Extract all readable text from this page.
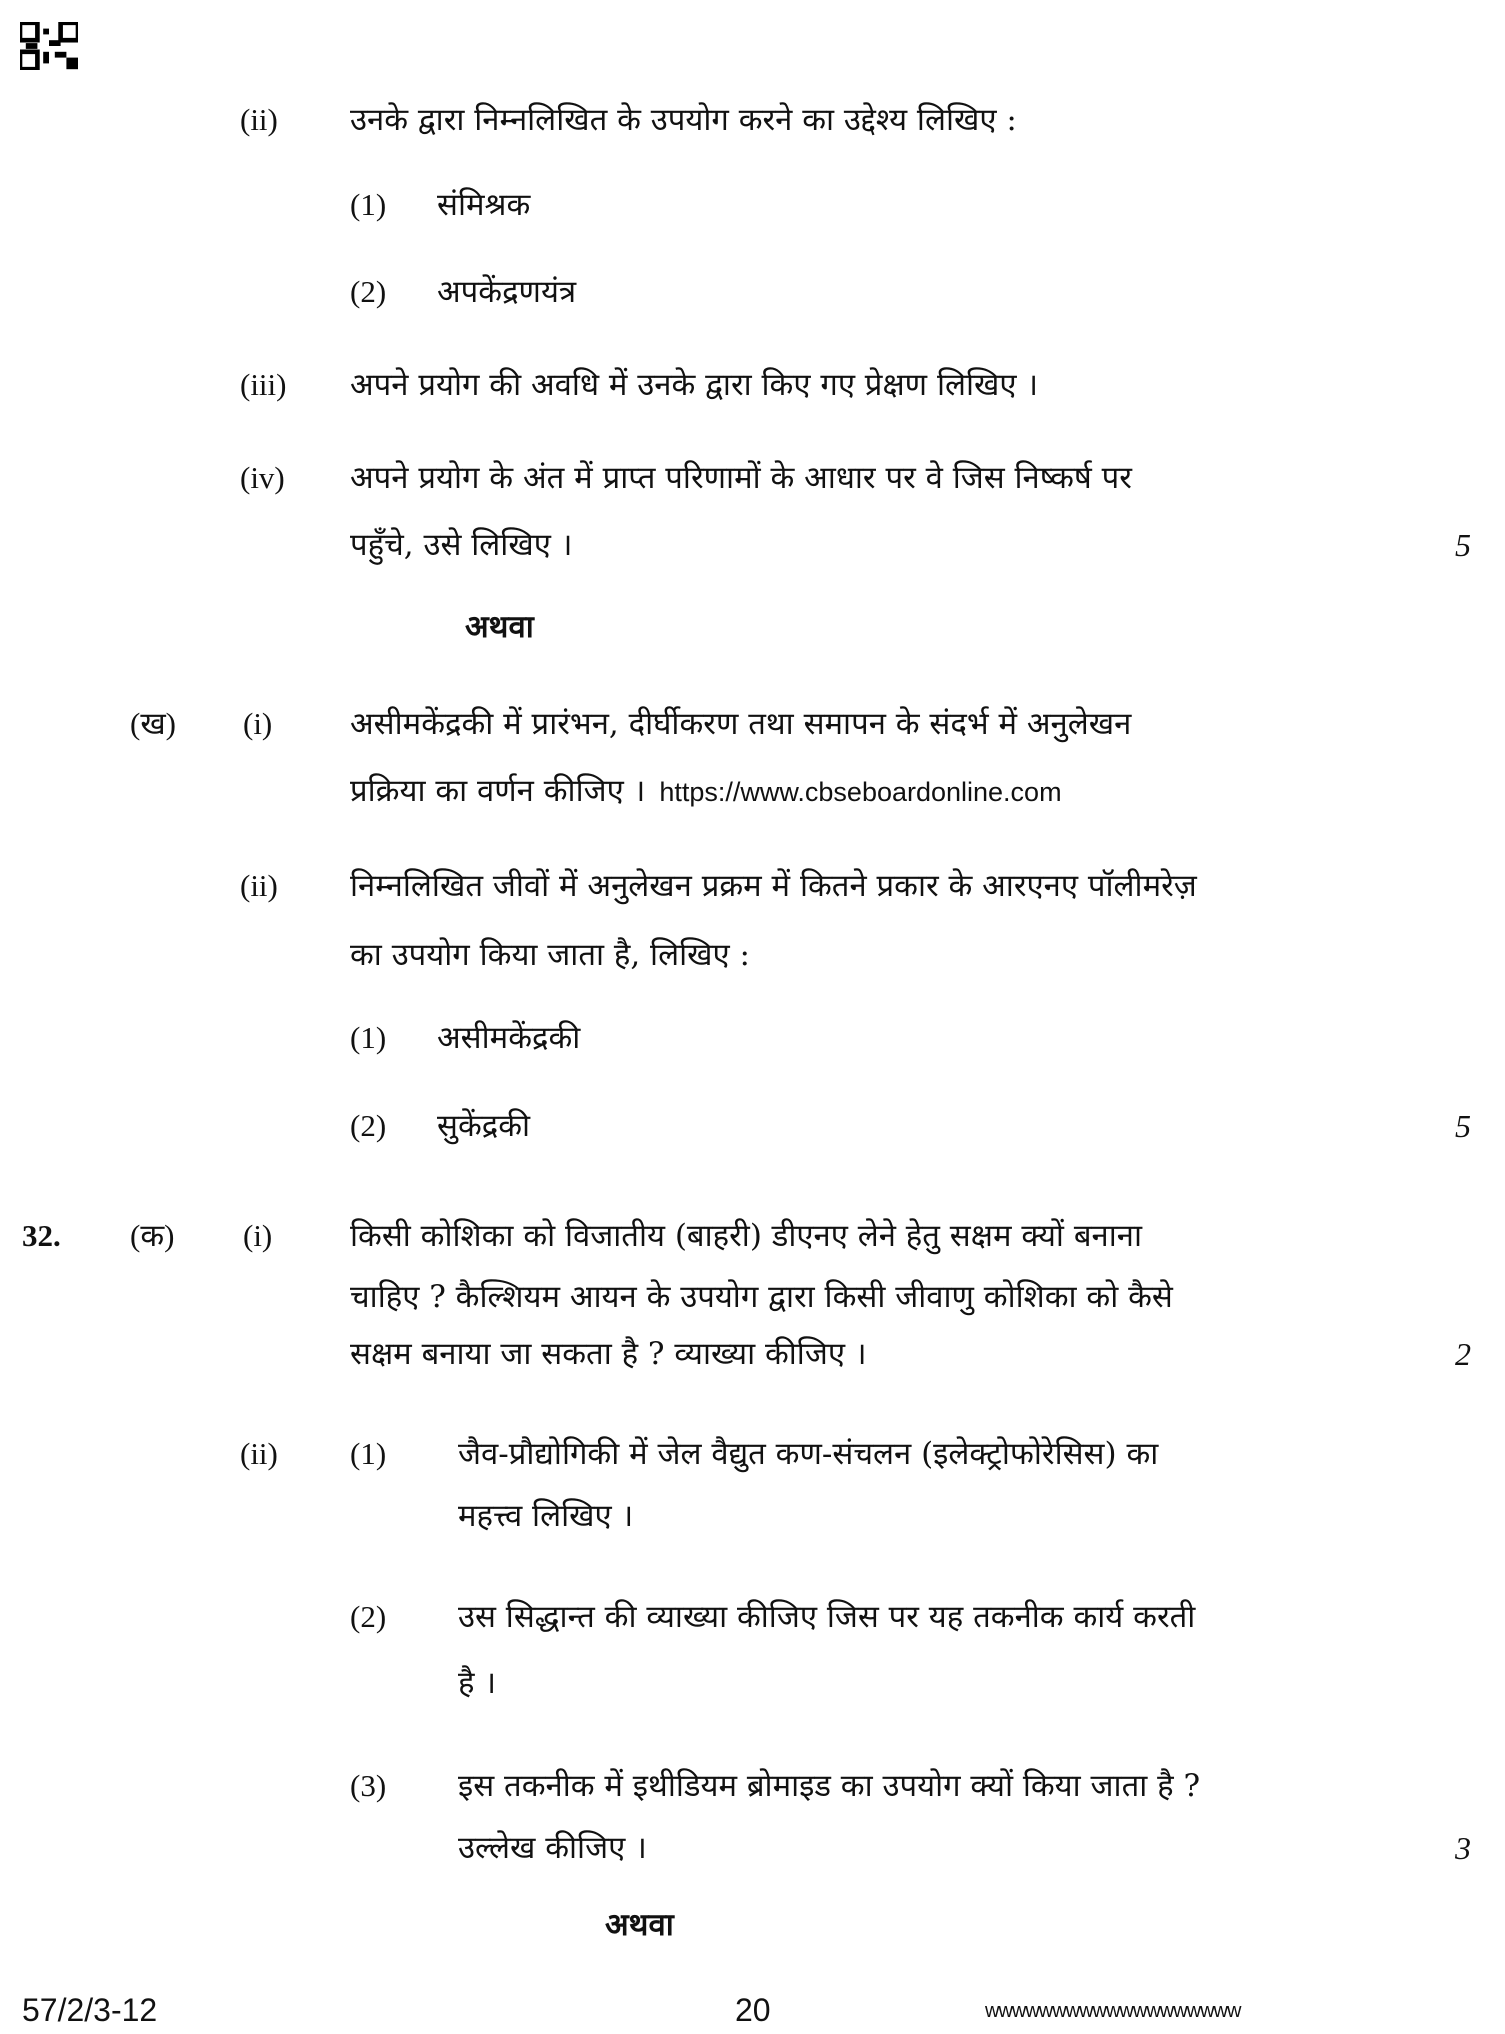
(ii) उनके द्वारा निम्नलिखित के उपयोग करने का उद्देश्य लिखिए :
(1) संमिश्रक
(2) अपकेंद्रणयंत्र
(iii) अपने प्रयोग की अवधि में उनके द्वारा किए गए प्रेक्षण लिखिए ।
(iv) अपने प्रयोग के अंत में प्राप्त परिणामों के आधार पर वे जिस निष्कर्ष पर
पहुँचे, उसे लिखिए ।	5
अथवा
(ख) (i)	असीमकेंद्रकी में प्रारंभन, दीर्घीकरण तथा समापन के संदर्भ में अनुलेखन
प्रक्रिया का वर्णन कीजिए । https://www.cbseboardonline.com
(ii) निम्नलिखित जीवों में अनुलेखन प्रक्रम में कितने प्रकार के आरएनए पॉलीमरेज़
का उपयोग किया जाता है, लिखिए :
(1) असीमकेंद्रकी
(2) सुकेंद्रकी	5
32. (क) (i)	किसी कोशिका को विजातीय (बाहरी) डीएनए लेने हेतु सक्षम क्यों बनाना
चाहिए ? कैल्शियम आयन के उपयोग द्वारा किसी जीवाणु कोशिका को कैसे
सक्षम बनाया जा सकता है ? व्याख्या कीजिए ।	2
(ii) (1) जैव-प्रौद्योगिकी में जेल वैद्युत कण-संचलन (इलेक्ट्रोफोरेसिस) का
महत्त्व लिखिए ।
(2) उस सिद्धान्त की व्याख्या कीजिए जिस पर यह तकनीक कार्य करती
है ।
(3) इस तकनीक में इथीडियम ब्रोमाइड का उपयोग क्यों किया जाता है ?
उल्लेख कीजिए ।	3
अथवा
57/2/3-12	20	wwwwwwwwwwwwwwwwwww
